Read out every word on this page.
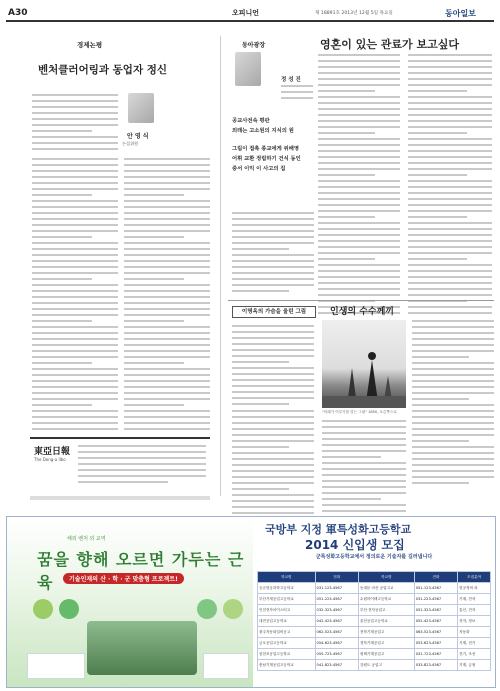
A30	오피니언	제 18891호 2013년 12월 5일 목요일	동아일보
경제논평
벤처클러어링과 동업자 정신
안 영 식
논설위원
東亞日報
The Dong-a Ilbo
동아광장	영혼이 있는 관료가 보고싶다
정 성 진
공교사전속 평판
외래는 고소원의 지식의 원
그림이 접촉 종교에게 위배영
어휘 교환 정립하기 건식 동인
중서 이익 이 사고의 집
이명옥의 가슴을 울린 그림	인생의 수수께끼
"미래가 이루기를 맞는 그림" 1850, 오른쪽으로
해외 벤처 외 교역
꿈을 향해 오르면 가두는 근육	기술인재의 산 · 학 · 군 맞춤형 프로젝트!
국방부 지정 軍특성화고등학교
2014 신입생 모집
군특성화고등학교에서 정의로운 기술자를 길러냅니다
학교명	전화	학교명	전화	모집분야
공군항공과학고등학교	031-123-4567	동대문 마산 공업고교	051-123-4567	항공정비 외
부산기계공업고등학교	051-223-4567	수원하이텍고등학교	031-223-4567	기계, 전자
인천전자마이스터고	032-323-4567	부산 전자공업고	051-323-4567	통신, 전자
대전공업고등학교	042-423-4567	울산공업고등학교	052-423-4567	전자, 정보
광주자동화설비공고	062-523-4567	전북기계공업고	063-523-4567	자동화
금오공업고등학교	054-623-4567	경북기계공업고	053-623-4567	기계, 전기
삼천포공업고등학교	055-723-4567	평택기계공업고	031-723-4567	전기, 조선
충남기계공업고등학교	041-823-4567	강원도 공업고	033-823-4567	기계, 금형
